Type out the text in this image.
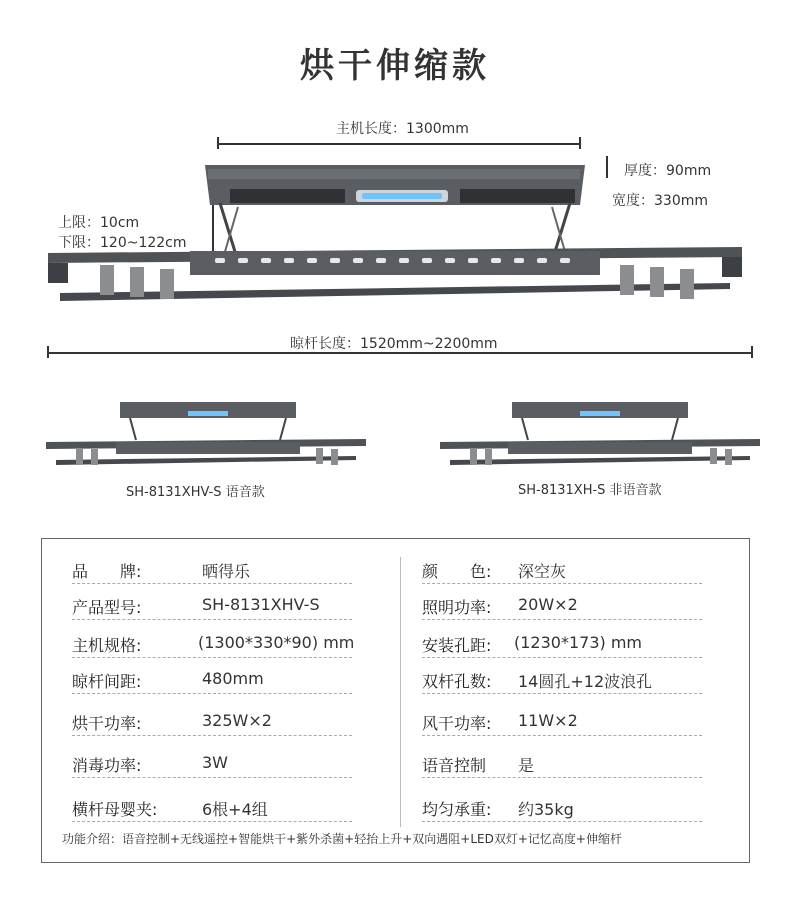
烘干伸缩款
主机长度：1300mm
厚度：90mm
宽度：330mm
上限：10cm
下限：120~122cm
晾杆长度：1520mm~2200mm
SH-8131XHV-S 语音款	SH-8131XH-S 非语音款
品　　牌:	晒得乐
产品型号:	SH-8131XHV-S
主机规格:	(1300*330*90) mm
晾杆间距:	480mm
烘干功率:	325W×2
消毒功率:	3W
横杆母婴夹:	6根+4组
颜　　色: 深空灰
照明功率: 20W×2
安装孔距: (1230*173) mm
双杆孔数: 14圆孔+12波浪孔
风干功率: 11W×2
语音控制 是
均匀承重: 约35kg
功能介绍：语音控制+无线遥控+智能烘干+紫外杀菌+轻抬上升+双向遇阻+LED双灯+记忆高度+伸缩杆
